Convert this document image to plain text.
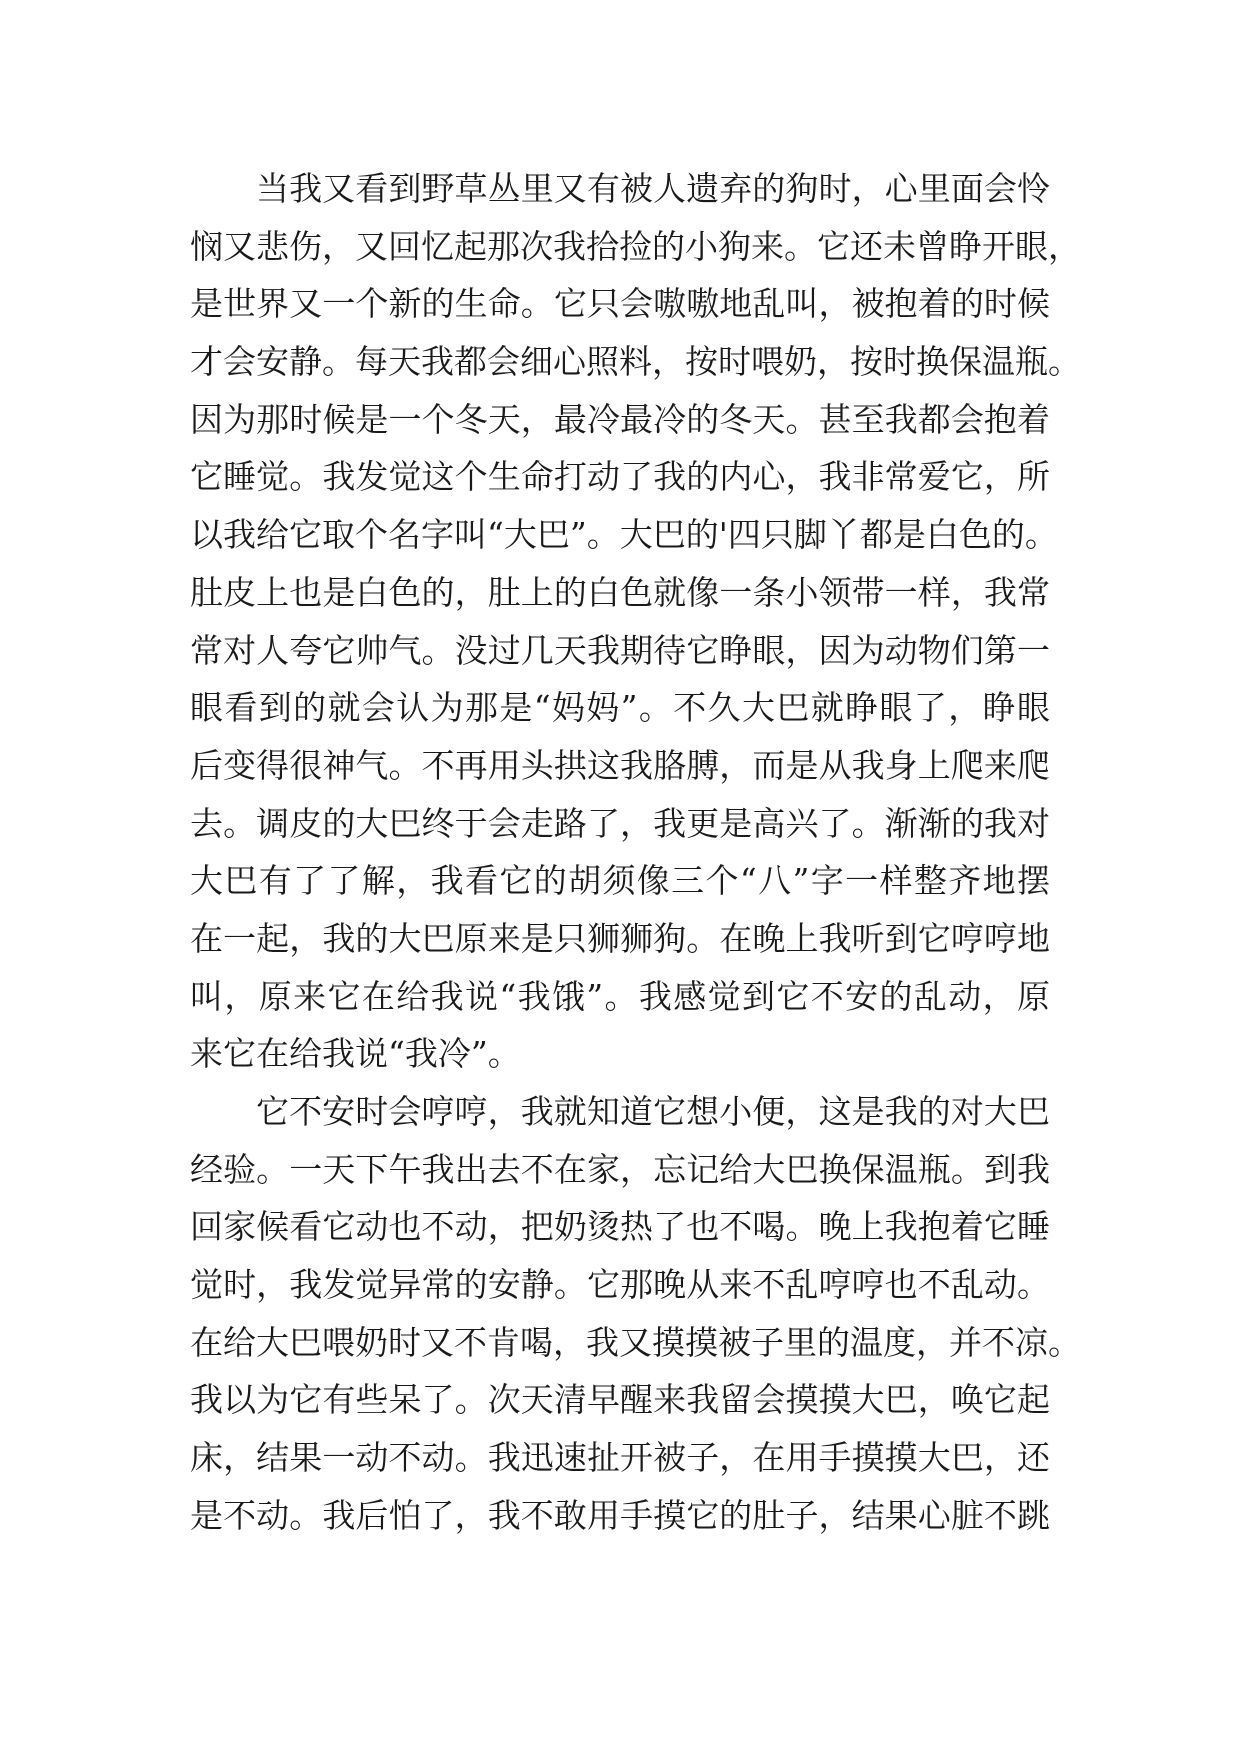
当我又看到野草丛里又有被人遗弃的狗时，心里面会怜
悯又悲伤，又回忆起那次我拾捡的小狗来。它还未曾睁开眼，
是世界又一个新的生命。它只会嗷嗷地乱叫，被抱着的时候
才会安静。每天我都会细心照料，按时喂奶，按时换保温瓶。
因为那时候是一个冬天，最冷最冷的冬天。甚至我都会抱着
它睡觉。我发觉这个生命打动了我的内心，我非常爱它，所
以我给它取个名字叫“大巴”。大巴的'四只脚丫都是白色的。
肚皮上也是白色的，肚上的白色就像一条小领带一样，我常
常对人夸它帅气。没过几天我期待它睁眼，因为动物们第一
眼看到的就会认为那是“妈妈”。不久大巴就睁眼了，睁眼
后变得很神气。不再用头拱这我胳膊，而是从我身上爬来爬
去。调皮的大巴终于会走路了，我更是高兴了。渐渐的我对
大巴有了了解，我看它的胡须像三个“八”字一样整齐地摆
在一起，我的大巴原来是只狮狮狗。在晚上我听到它哼哼地
叫，原来它在给我说“我饿”。我感觉到它不安的乱动，原
来它在给我说“我冷”。
它不安时会哼哼，我就知道它想小便，这是我的对大巴
经验。一天下午我出去不在家，忘记给大巴换保温瓶。到我
回家候看它动也不动，把奶烫热了也不喝。晚上我抱着它睡
觉时，我发觉异常的安静。它那晚从来不乱哼哼也不乱动。
在给大巴喂奶时又不肯喝，我又摸摸被子里的温度，并不凉。
我以为它有些呆了。次天清早醒来我留会摸摸大巴，唤它起
床，结果一动不动。我迅速扯开被子，在用手摸摸大巴，还
是不动。我后怕了，我不敢用手摸它的肚子，结果心脏不跳
